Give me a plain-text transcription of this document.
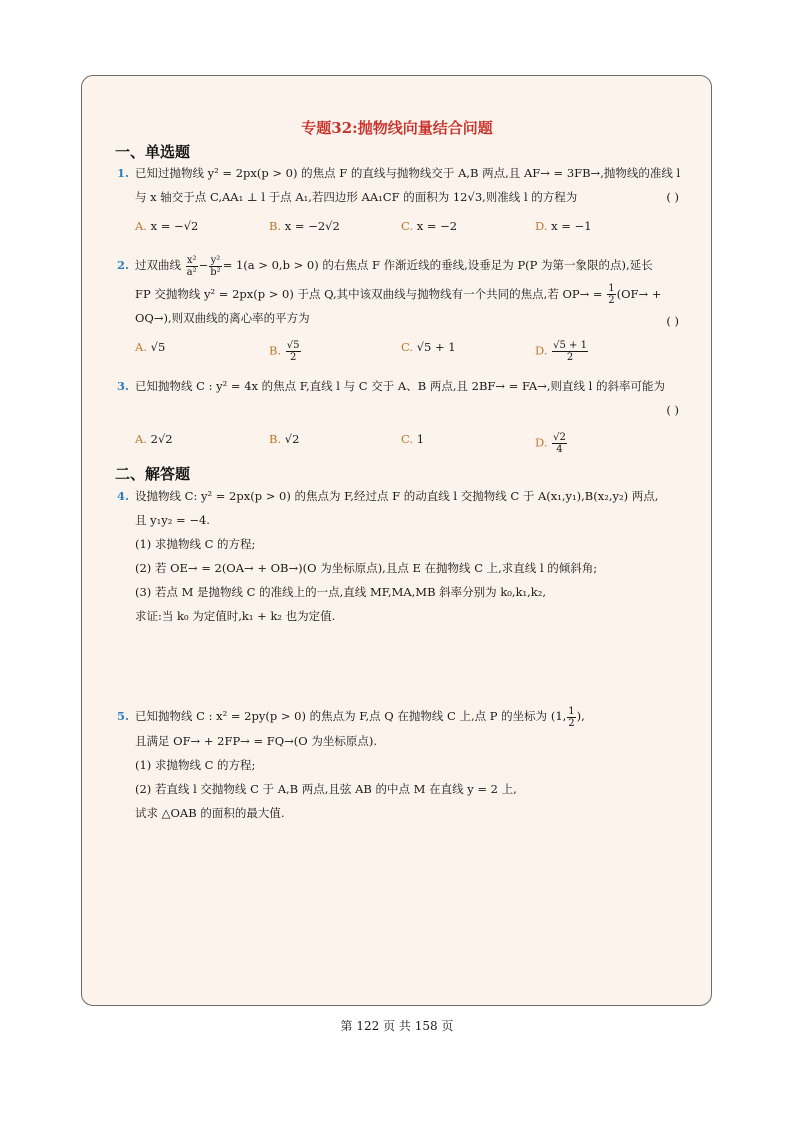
专题32:抛物线向量结合问题
一、单选题
1. 已知过抛物线 y² = 2px(p > 0) 的焦点 F 的直线与抛物线交于 A,B 两点,且 AF→ = 3FB→,抛物线的准线 l
与 x 轴交于点 C,AA₁ ⊥ l 于点 A₁,若四边形 AA₁CF 的面积为 12√3,则准线 l 的方程为	( )
A. x = −√2	B. x = −2√2	C. x = −2	D. x = −1
2. 过双曲线 $\frac{\text{x²}}{\text{a²}} - \frac{\text{y²}}{\text{b²}} = 1(a > 0,b > 0)$ 的右焦点 F 作渐近线的垂线,设垂足为 P(P 为第一象限的点),延长
FP 交抛物线 y² = 2px(p > 0) 于点 Q,其中该双曲线与抛物线有一个共同的焦点,若 $OP\to = \frac{1}{2} (OF\to$ +
OQ→),则双曲线的离心率的平方为	( )
A. √5	B. $\frac{√5}{2}$	C. √5 + 1	D. $\frac{√5 + 1}{2}$
3. 已知抛物线 C : y² = 4x 的焦点 F,直线 l 与 C 交于 A、B 两点,且 2BF→ = FA→,则直线 l 的斜率可能为
( )
A. 2√2	B. √2	C. 1	D. $\frac{√2}{4}$
二、解答题
4. 设抛物线 C: y² = 2px(p > 0) 的焦点为 F,经过点 F 的动直线 l 交抛物线 C 于 A(x₁,y₁),B(x₂,y₂) 两点,
且 y₁y₂ = −4.
(1) 求抛物线 C 的方程;
(2) 若 OE→ = 2(OA→ + OB→)(O 为坐标原点),且点 E 在抛物线 C 上,求直线 l 的倾斜角;
(3) 若点 M 是抛物线 C 的准线上的一点,直线 MF,MA,MB 斜率分别为 k₀,k₁,k₂,
求证:当 k₀ 为定值时,k₁ + k₂ 也为定值.
5. 已知抛物线 C : x² = 2py(p > 0) 的焦点为 F,点 Q 在抛物线 C 上,点 P 的坐标为 (1, $\frac{1}{2}$ ),
且满足 OF→ + 2FP→ = FQ→(O 为坐标原点).
(1) 求抛物线 C 的方程;
(2) 若直线 l 交抛物线 C 于 A,B 两点,且弦 AB 的中点 M 在直线 y = 2 上,
试求 △OAB 的面积的最大值.
第 122 页 共 158 页
